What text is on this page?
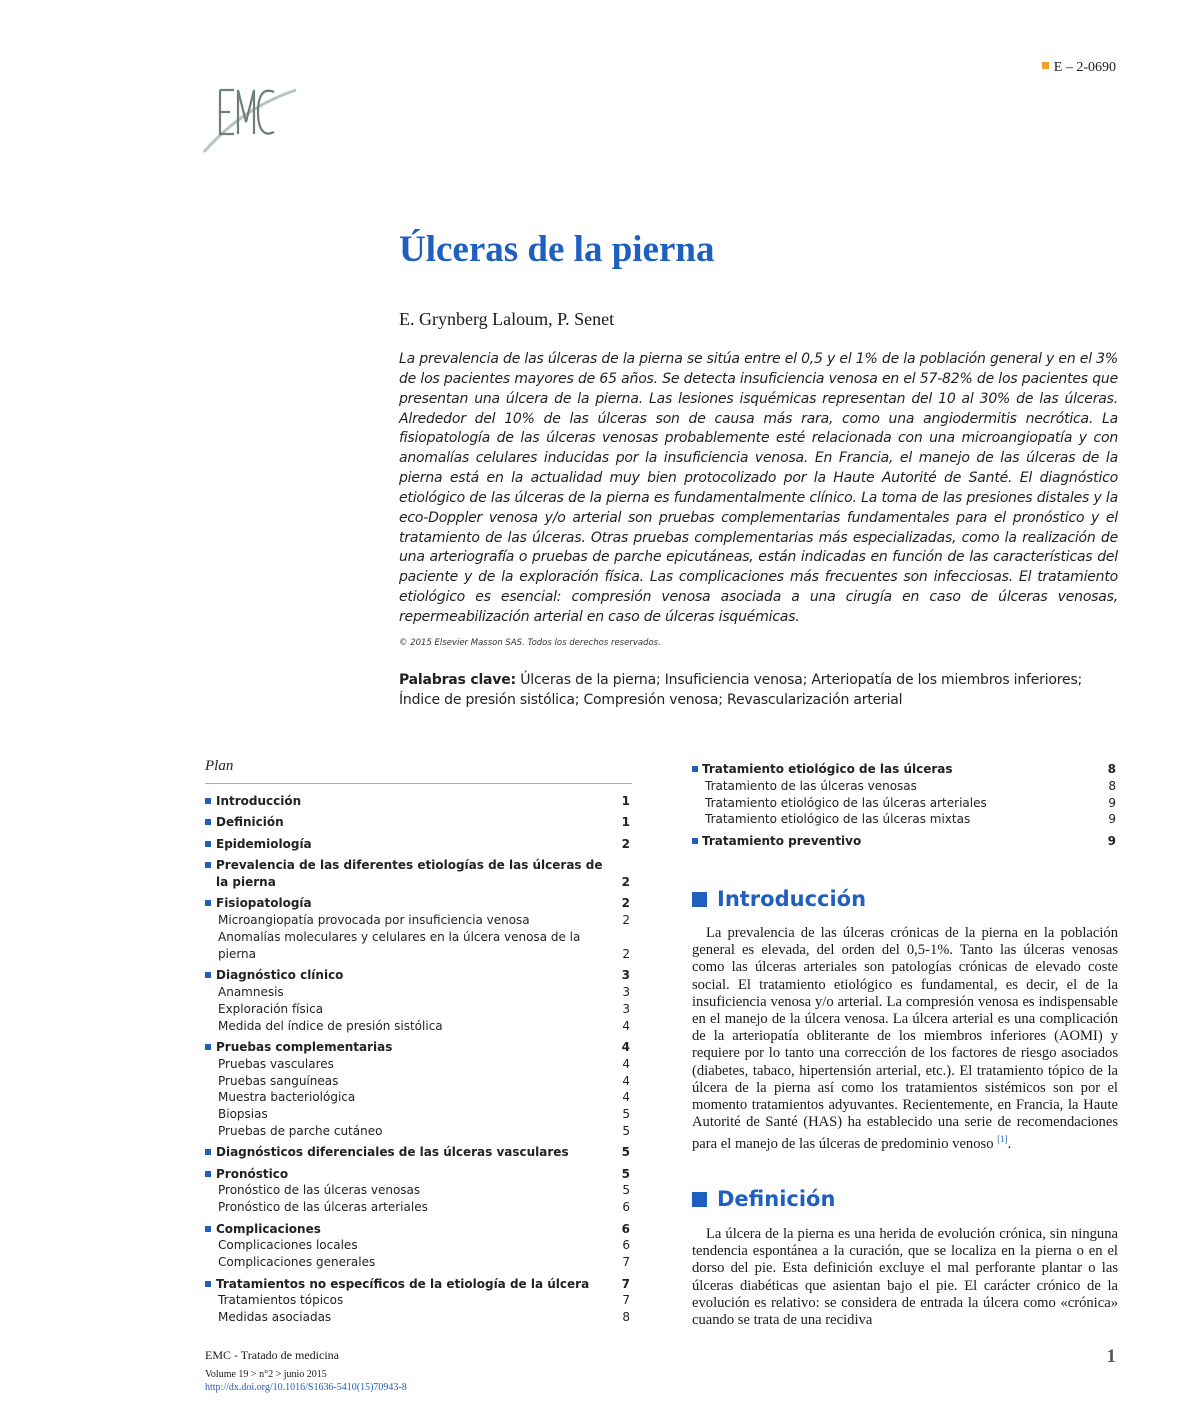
E – 2-0690
Úlceras de la pierna
E. Grynberg Laloum, P. Senet

La prevalencia de las úlceras de la pierna se sitúa entre el 0,5 y el 1% de la población general y en el 3% de los pacientes mayores de 65 años. Se detecta insuficiencia venosa en el 57-82% de los pacientes que presentan una úlcera de la pierna. Las lesiones isquémicas representan del 10 al 30% de las úlceras. Alrededor del 10% de las úlceras son de causa más rara, como una angiodermitis necrótica. La fisiopatología de las úlceras venosas probablemente esté relacionada con una microangiopatía y con anomalías celulares inducidas por la insuficiencia venosa. En Francia, el manejo de las úlceras de la pierna está en la actualidad muy bien protocolizado por la Haute Autorité de Santé. El diagnóstico etiológico de las úlceras de la pierna es fundamentalmente clínico. La toma de las presiones distales y la eco-Doppler venosa y/o arterial son pruebas complementarias fundamentales para el pronóstico y el tratamiento de las úlceras. Otras pruebas complementarias más especializadas, como la realización de una arteriografía o pruebas de parche epicutáneas, están indicadas en función de las características del paciente y de la exploración física. Las complicaciones más frecuentes son infecciosas. El tratamiento etiológico es esencial: compresión venosa asociada a una cirugía en caso de úlceras venosas, repermeabilización arterial en caso de úlceras isquémicas.

© 2015 Elsevier Masson SAS. Todos los derechos reservados.
Palabras clave: Úlceras de la pierna; Insuficiencia venosa; Arteriopatía de los miembros inferiores; Índice de presión sistólica; Compresión venosa; Revascularización arterial
Plan
Introducción	1
Definición	1
Epidemiología	2
Prevalencia de las diferentes etiologías de las úlceras de la pierna	2
Fisiopatología	2
Microangiopatía provocada por insuficiencia venosa	2
Anomalías moleculares y celulares en la úlcera venosa de la pierna	2
Diagnóstico clínico	3
Anamnesis	3
Exploración física	3
Medida del índice de presión sistólica	4
Pruebas complementarias	4
Pruebas vasculares	4
Pruebas sanguíneas	4
Muestra bacteriológica	4
Biopsias	5
Pruebas de parche cutáneo	5
Diagnósticos diferenciales de las úlceras vasculares	5
Pronóstico	5
Pronóstico de las úlceras venosas	5
Pronóstico de las úlceras arteriales	6
Complicaciones	6
Complicaciones locales	6
Complicaciones generales	7
Tratamientos no específicos de la etiología de la úlcera	7
Tratamientos tópicos	7
Medidas asociadas	8
Tratamiento etiológico de las úlceras	8
Tratamiento de las úlceras venosas	8
Tratamiento etiológico de las úlceras arteriales	9
Tratamiento etiológico de las úlceras mixtas	9
Tratamiento preventivo	9
Introducción

La prevalencia de las úlceras crónicas de la pierna en la población general es elevada, del orden del 0,5-1%. Tanto las úlceras venosas como las úlceras arteriales son patologías crónicas de elevado coste social. El tratamiento etiológico es fundamental, es decir, el de la insuficiencia venosa y/o arterial. La compresión venosa es indispensable en el manejo de la úlcera venosa. La úlcera arterial es una complicación de la arteriopatía obliterante de los miembros inferiores (AOMI) y requiere por lo tanto una corrección de los factores de riesgo asociados (diabetes, tabaco, hipertensión arterial, etc.). El tratamiento tópico de la úlcera de la pierna así como los tratamientos sistémicos son por el momento tratamientos adyuvantes. Recientemente, en Francia, la Haute Autorité de Santé (HAS) ha establecido una serie de recomendaciones para el manejo de las úlceras de predominio venoso [1].

Definición

La úlcera de la pierna es una herida de evolución crónica, sin ninguna tendencia espontánea a la curación, que se localiza en la pierna o en el dorso del pie. Esta definición excluye el mal perforante plantar o las úlceras diabéticas que asientan bajo el pie. El carácter crónico de la evolución es relativo: se considera de entrada la úlcera como «crónica» cuando se trata de una recidiva

EMC - Tratado de medicina
Volume 19 > n°2 > junio 2015
http://dx.doi.org/10.1016/S1636-5410(15)70943-8
1
